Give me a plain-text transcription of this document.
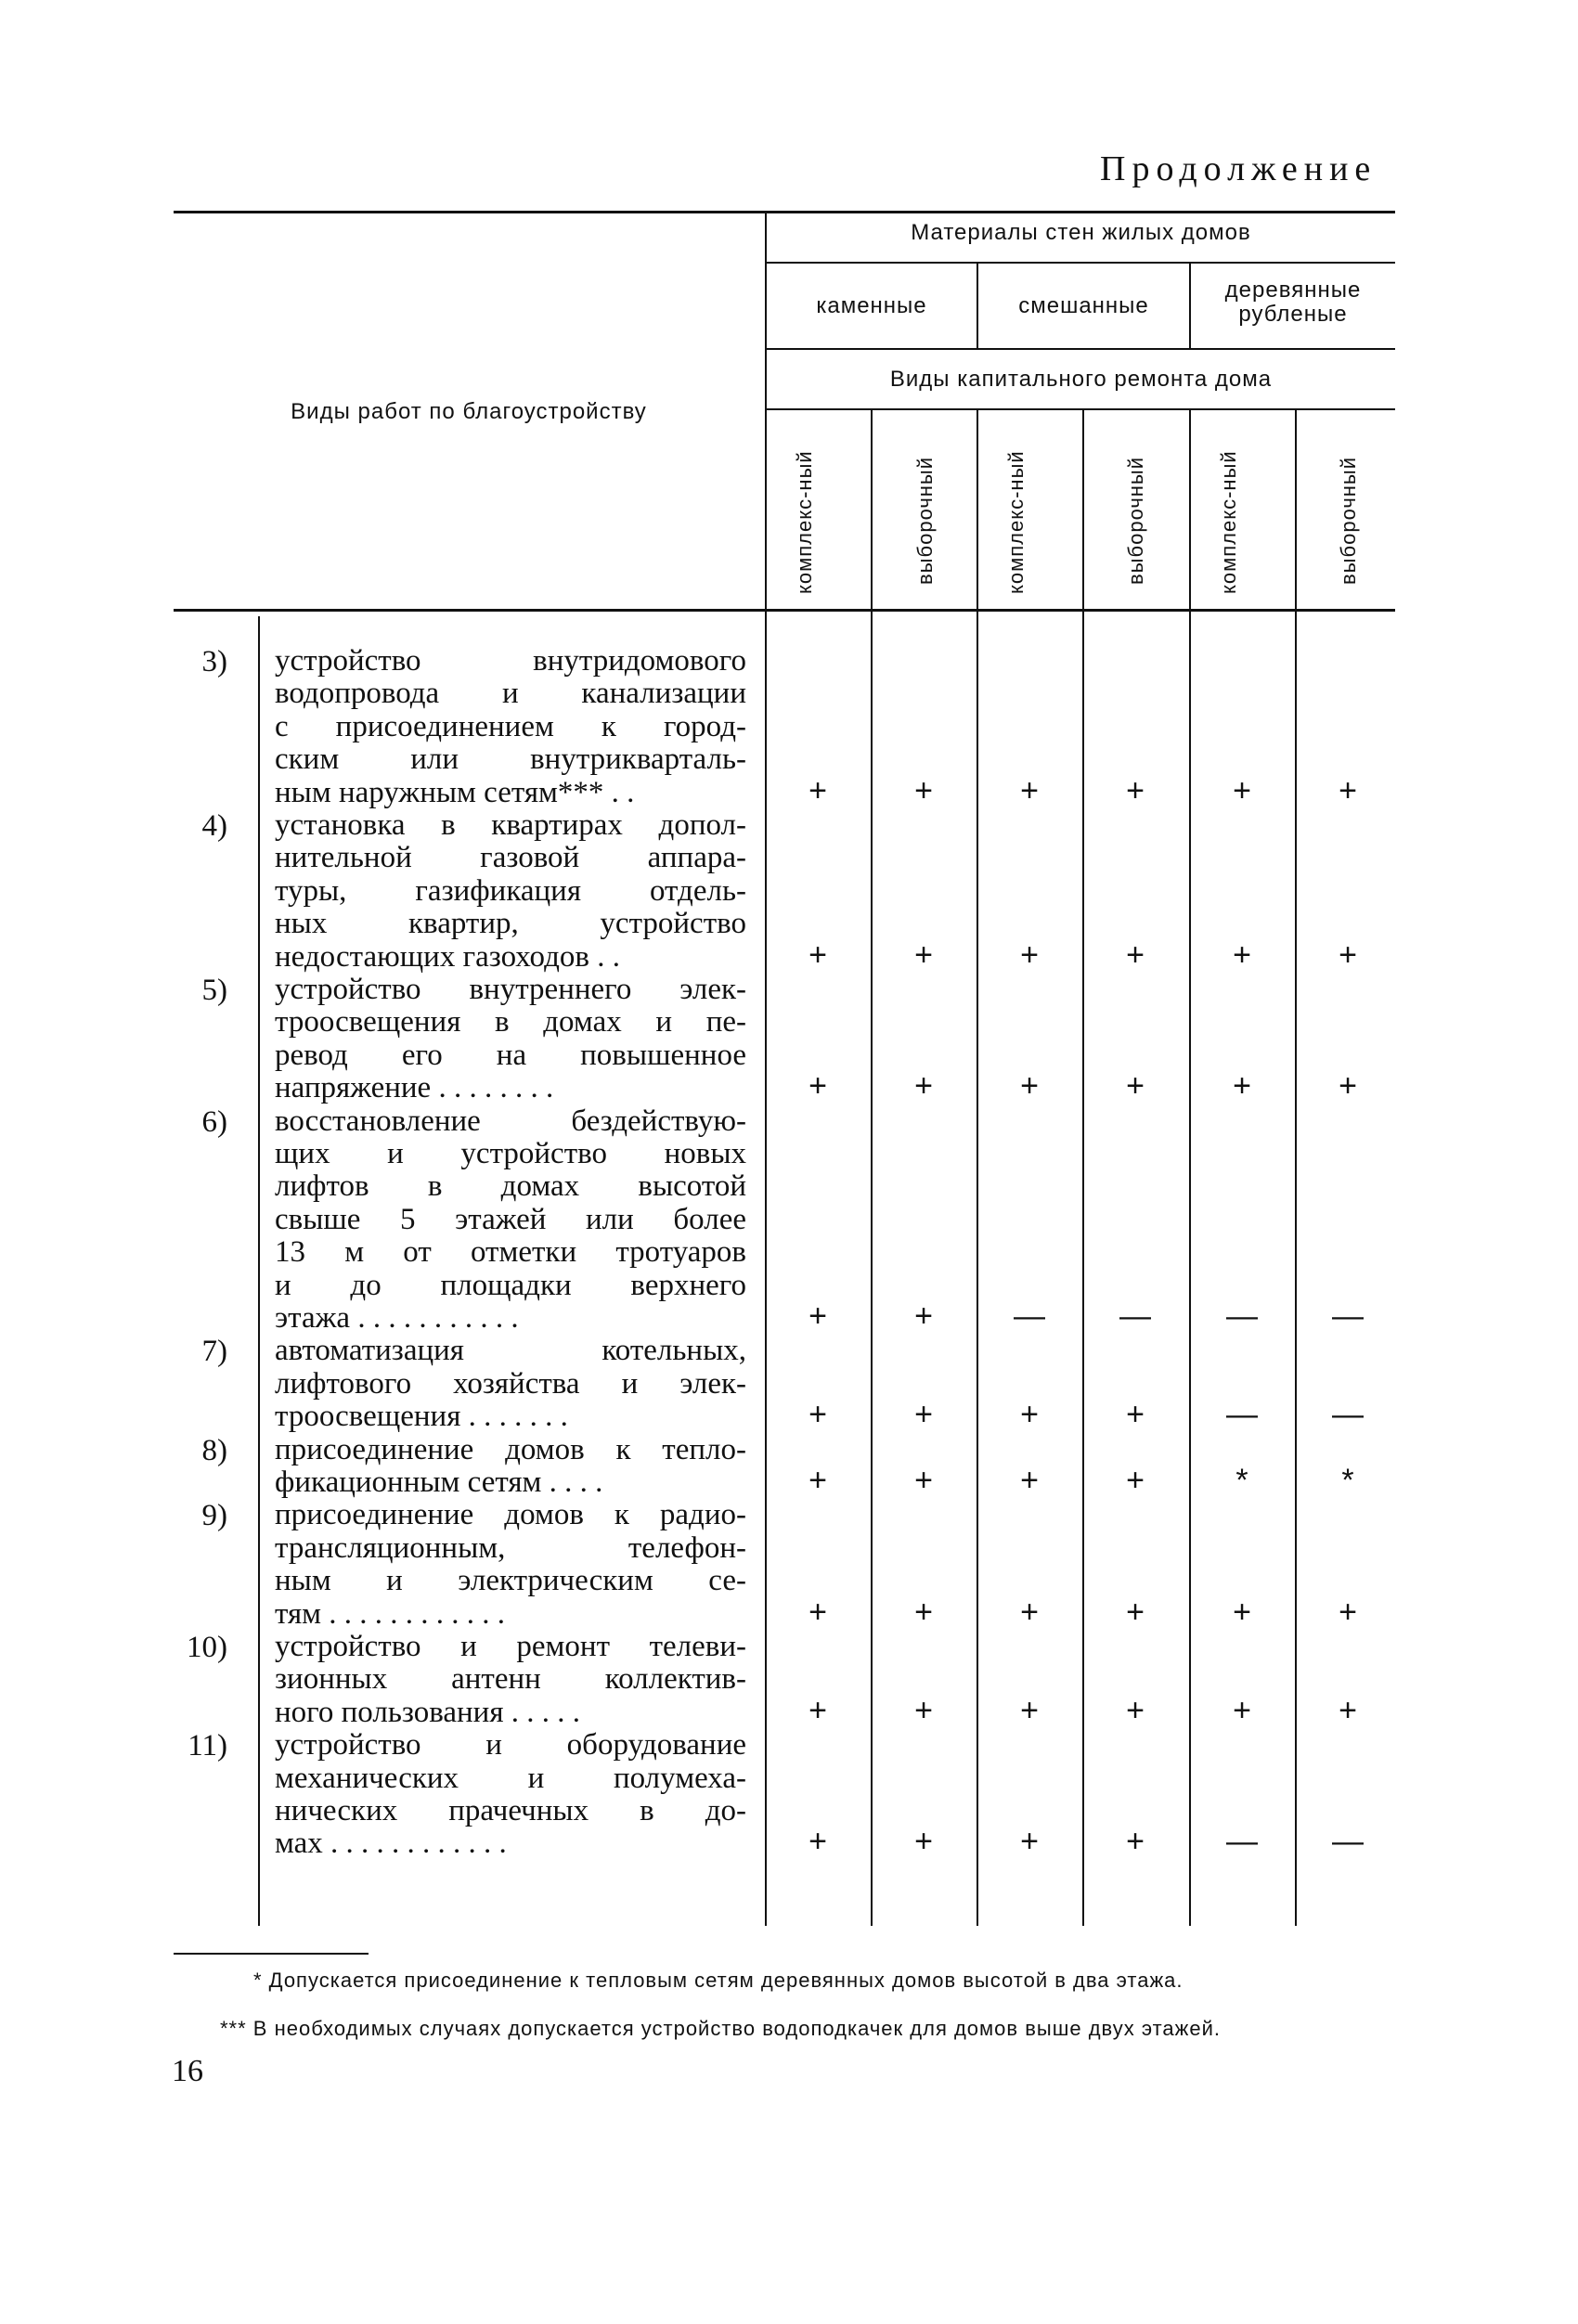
Продолжение
Виды работ по благоустройству
Материалы стен жилых домов
каменные	смешанные
деревянные рубленые
Виды капитального ремонта дома
комплекс-ный	выборочный	комплекс-ный	выборочный	комплекс-ный	выборочный
3) устройство внутридомового
водопровода и канализации
с присоединением к город-
ским или внутрикварталь-
ным наружным сетям*** . .	+	+	+	+	+	+
4) установка в квартирах допол-
нительной газовой аппара-
туры, газификация отдель-
ных квартир, устройство
недостающих газоходов . .	+	+	+	+	+	+
5) устройство внутреннего элек-
троосвещения в домах и пе-
ревод его на повышенное
напряжение . . . . . . . .	+	+	+	+	+	+
6) восстановление бездействую-
щих и устройство новых
лифтов в домах высотой
свыше 5 этажей или более
13 м от отметки тротуаров
и до площадки верхнего
этажа . . . . . . . . . . .	+	+	—	—	—	—
7) автоматизация котельных,
лифтового хозяйства и элек-
троосвещения . . . . . . .	+	+	+	+	—	—
8) присоединение домов к тепло-
фикационным сетям . . . .	+	+	+	+	*	*
9) присоединение домов к радио-
трансляционным, телефон-
ным и электрическим се-
тям . . . . . . . . . . . .	+	+	+	+	+	+
10) устройство и ремонт телеви-
зионных антенн коллектив-
ного пользования . . . . .	+	+	+	+	+	+
11) устройство и оборудование
механических и полумеха-
нических прачечных в до-
мах . . . . . . . . . . . .	+	+	+	+	—	—
* Допускается присоединение к тепловым сетям деревянных домов высотой в два этажа.
*** В необходимых случаях допускается устройство водоподкачек для домов выше двух этажей.
16
